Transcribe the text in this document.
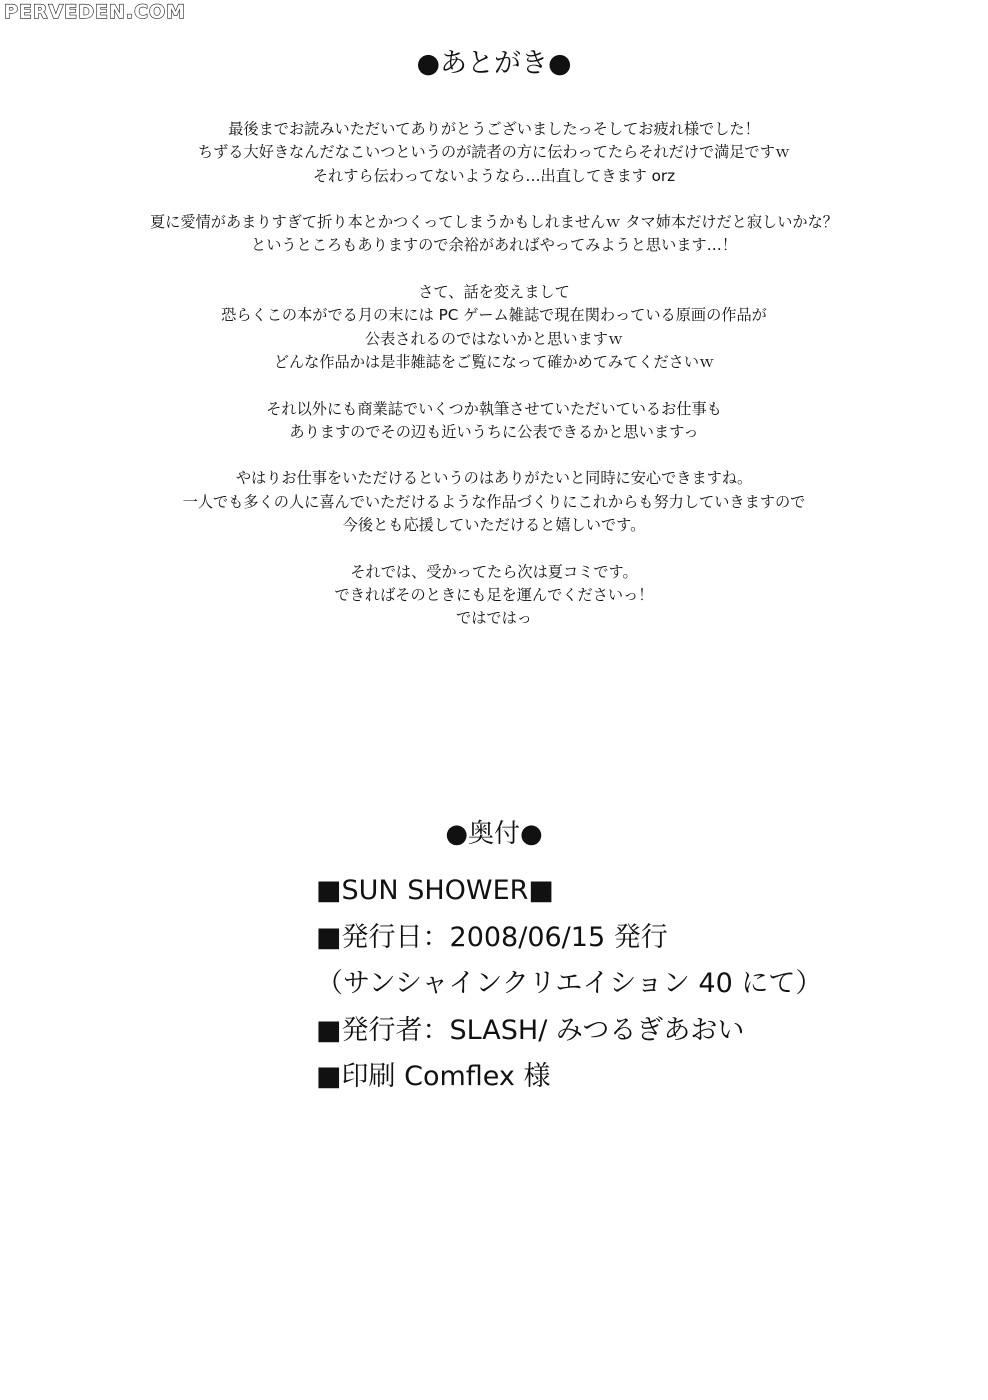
PERVEDEN.COM
●あとがき●
最後までお読みいただいてありがとうございましたっそしてお疲れ様でした！
ちずる大好きなんだなこいつというのが読者の方に伝わってたらそれだけで満足ですｗ
それすら伝わってないようなら…出直してきます orz
夏に愛情があまりすぎて折り本とかつくってしまうかもしれませんｗ タマ姉本だけだと寂しいかな？
というところもありますので余裕があればやってみようと思います…！
さて、話を変えまして
恐らくこの本がでる月の末には PC ゲーム雑誌で現在関わっている原画の作品が
公表されるのではないかと思いますｗ
どんな作品かは是非雑誌をご覧になって確かめてみてくださいｗ
それ以外にも商業誌でいくつか執筆させていただいているお仕事も
ありますのでその辺も近いうちに公表できるかと思いますっ
やはりお仕事をいただけるというのはありがたいと同時に安心できますね。
一人でも多くの人に喜んでいただけるような作品づくりにこれからも努力していきますので
今後とも応援していただけると嬉しいです。
それでは、受かってたら次は夏コミです。
できればそのときにも足を運んでくださいっ！
ではではっ
●奥付●
■SUN SHOWER■
■発行日：2008/06/15 発行
（サンシャインクリエイション 40 にて）
■発行者：SLASH/ みつるぎあおい
■印刷 Comflex 様
